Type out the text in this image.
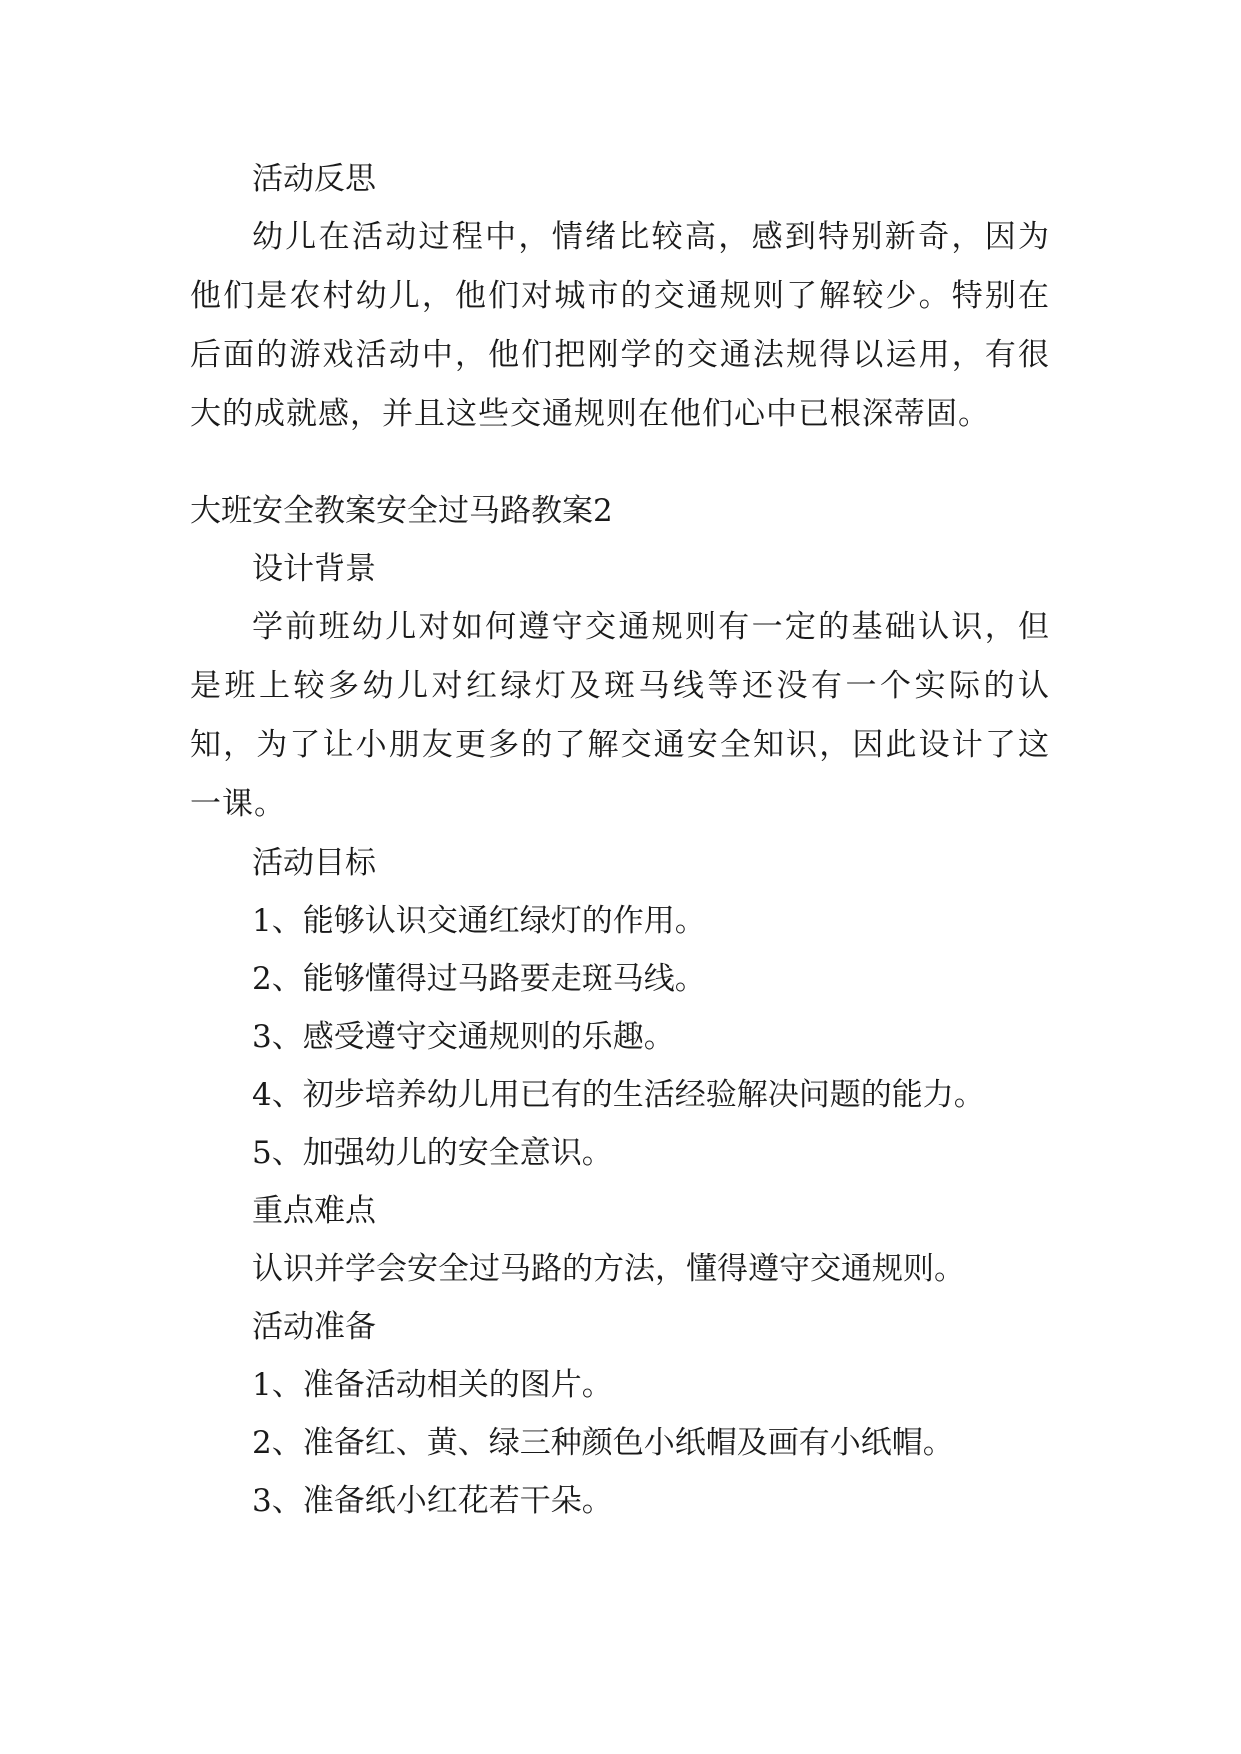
活动反思

幼儿在活动过程中，情绪比较高，感到特别新奇，因为他们是农村幼儿，他们对城市的交通规则了解较少。特别在后面的游戏活动中，他们把刚学的交通法规得以运用，有很大的成就感，并且这些交通规则在他们心中已根深蒂固。

大班安全教案安全过马路教案2

设计背景

学前班幼儿对如何遵守交通规则有一定的基础认识，但是班上较多幼儿对红绿灯及斑马线等还没有一个实际的认知，为了让小朋友更多的了解交通安全知识，因此设计了这一课。

活动目标

1、能够认识交通红绿灯的作用。

2、能够懂得过马路要走斑马线。

3、感受遵守交通规则的乐趣。

4、初步培养幼儿用已有的生活经验解决问题的能力。

5、加强幼儿的安全意识。

重点难点

认识并学会安全过马路的方法，懂得遵守交通规则。

活动准备

1、准备活动相关的图片。

2、准备红、黄、绿三种颜色小纸帽及画有小纸帽。

3、准备纸小红花若干朵。
